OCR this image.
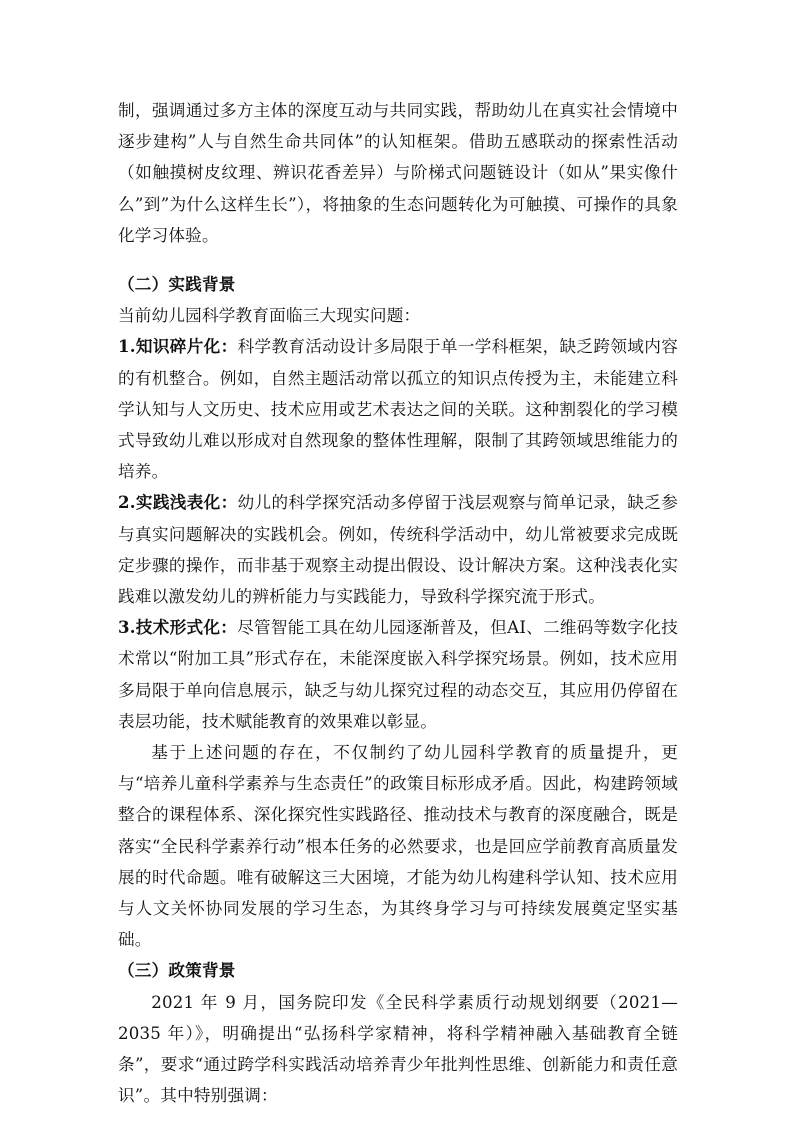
制，强调通过多方主体的深度互动与共同实践，帮助幼儿在真实社会情境中逐步建构”人与自然生命共同体”的认知框架。借助五感联动的探索性活动（如触摸树皮纹理、辨识花香差异）与阶梯式问题链设计（如从”果实像什么”到”为什么这样生长”），将抽象的生态问题转化为可触摸、可操作的具象化学习体验。

（二）实践背景

当前幼儿园科学教育面临三大现实问题：

1.知识碎片化：科学教育活动设计多局限于单一学科框架，缺乏跨领域内容的有机整合。例如，自然主题活动常以孤立的知识点传授为主，未能建立科学认知与人文历史、技术应用或艺术表达之间的关联。这种割裂化的学习模式导致幼儿难以形成对自然现象的整体性理解，限制了其跨领域思维能力的培养。

2.实践浅表化：幼儿的科学探究活动多停留于浅层观察与简单记录，缺乏参与真实问题解决的实践机会。例如，传统科学活动中，幼儿常被要求完成既定步骤的操作，而非基于观察主动提出假设、设计解决方案。这种浅表化实践难以激发幼儿的辨析能力与实践能力，导致科学探究流于形式。

3.技术形式化：尽管智能工具在幼儿园逐渐普及，但AI、二维码等数字化技术常以“附加工具”形式存在，未能深度嵌入科学探究场景。例如，技术应用多局限于单向信息展示，缺乏与幼儿探究过程的动态交互，其应用仍停留在表层功能，技术赋能教育的效果难以彰显。

基于上述问题的存在，不仅制约了幼儿园科学教育的质量提升，更与“培养儿童科学素养与生态责任”的政策目标形成矛盾。因此，构建跨领域整合的课程体系、深化探究性实践路径、推动技术与教育的深度融合，既是落实“全民科学素养行动”根本任务的必然要求，也是回应学前教育高质量发展的时代命题。唯有破解这三大困境，才能为幼儿构建科学认知、技术应用与人文关怀协同发展的学习生态，为其终身学习与可持续发展奠定坚实基础。

（三）政策背景

2021 年 9 月，国务院印发《全民科学素质行动规划纲要（2021—2035 年）》，明确提出“弘扬科学家精神，将科学精神融入基础教育全链条”，要求“通过跨学科实践活动培养青少年批判性思维、创新能力和责任意识”。其中特别强调：
